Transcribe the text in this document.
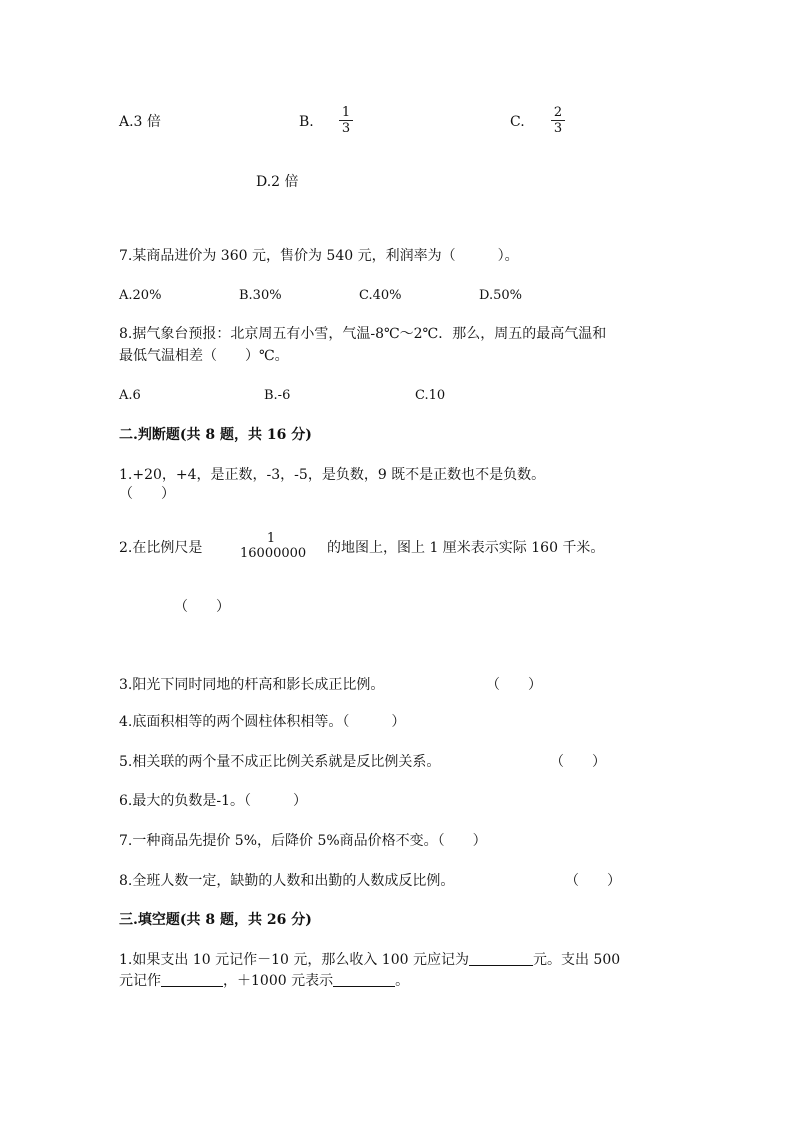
A.3 倍	B. $\frac{1}{3}$	C. $\frac{2}{3}$
D.2 倍
7.某商品进价为 360 元，售价为 540 元，利润率为（　　　）。
A.20%	B.30%	C.40%	D.50%
8.据气象台预报：北京周五有小雪，气温-8℃～2℃．那么，周五的最高气温和
最低气温相差（　　）℃。
A.6	B.-6	C.10
二.判断题(共 8 题，共 16 分)
1.+20，+4，是正数，-3，-5，是负数，9 既不是正数也不是负数。
（　　）
2.在比例尺是
1
16000000 的地图上，图上 1 厘米表示实际 160 千米。
（　　）
3.阳光下同时同地的杆高和影长成正比例。	（　　）
4.底面积相等的两个圆柱体积相等。（　　　）
5.相关联的两个量不成正比例关系就是反比例关系。	（　　）
6.最大的负数是-1。（　　　）
7.一种商品先提价 5%，后降价 5%商品价格不变。（　　）
8.全班人数一定，缺勤的人数和出勤的人数成反比例。	（　　）
三.填空题(共 8 题，共 26 分)
1.如果支出 10 元记作－10 元，那么收入 100 元应记为	元。支出 500
元记作	，＋1000 元表示	。
